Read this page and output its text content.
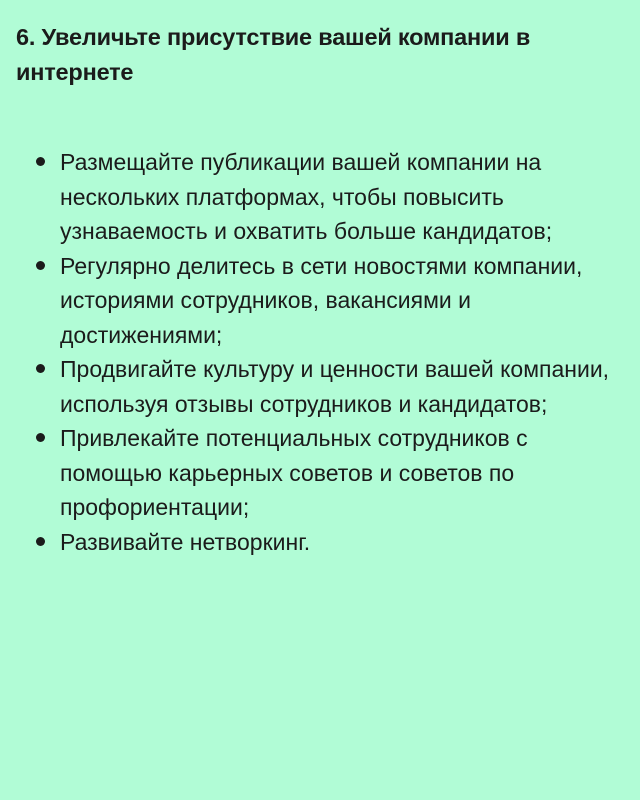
6. Увеличьте присутствие вашей компании в интернете
Размещайте публикации вашей компании на нескольких платформах, чтобы повысить узнаваемость и охватить больше кандидатов;
Регулярно делитесь в сети новостями компании, историями сотрудников, вакансиями и достижениями;
Продвигайте культуру и ценности вашей компании, используя отзывы сотрудников и кандидатов;
Привлекайте потенциальных сотрудников с помощью карьерных советов и советов по профориентации;
Развивайте нетворкинг.
